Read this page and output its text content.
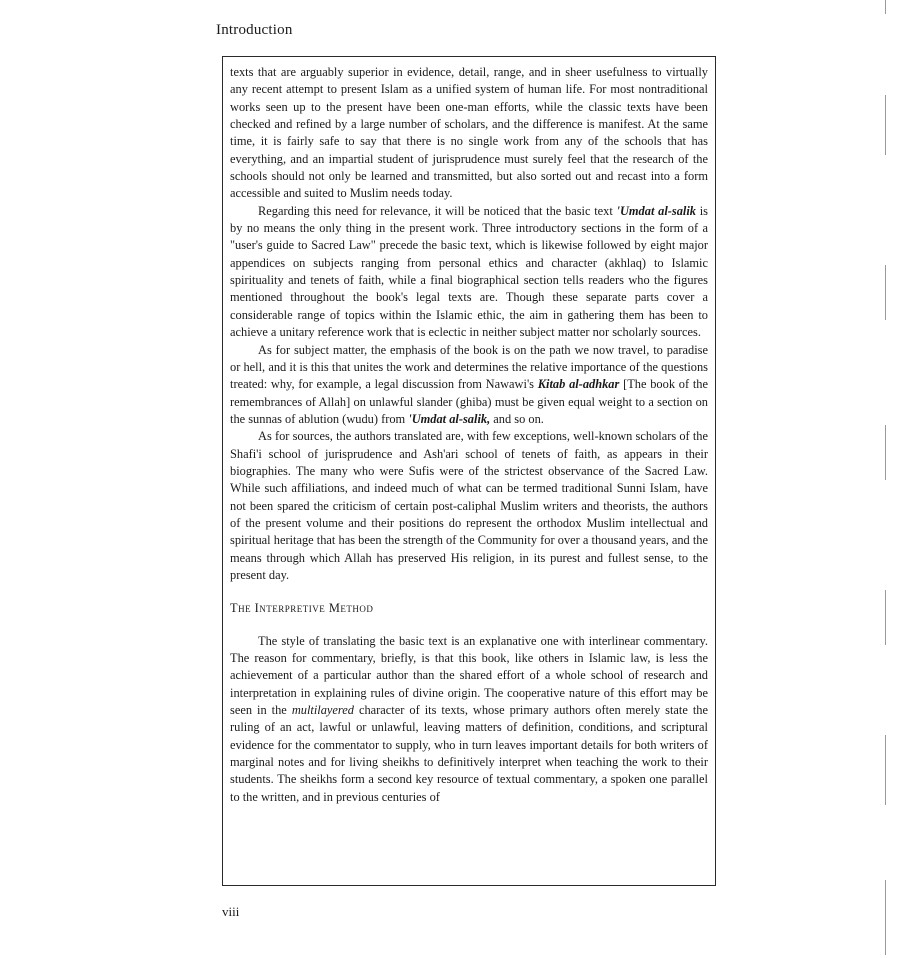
Introduction

texts that are arguably superior in evidence, detail, range, and in sheer usefulness to virtually any recent attempt to present Islam as a unified system of human life. For most nontraditional works seen up to the present have been one-man efforts, while the classic texts have been checked and refined by a large number of scholars, and the difference is manifest. At the same time, it is fairly safe to say that there is no single work from any of the schools that has everything, and an impartial student of jurisprudence must surely feel that the research of the schools should not only be learned and transmitted, but also sorted out and recast into a form accessible and suited to Muslim needs today.

Regarding this need for relevance, it will be noticed that the basic text 'Umdat al-salik is by no means the only thing in the present work. Three introductory sections in the form of a "user's guide to Sacred Law" precede the basic text, which is likewise followed by eight major appendices on subjects ranging from personal ethics and character (akhlaq) to Islamic spirituality and tenets of faith, while a final biographical section tells readers who the figures mentioned throughout the book's legal texts are. Though these separate parts cover a considerable range of topics within the Islamic ethic, the aim in gathering them has been to achieve a unitary reference work that is eclectic in neither subject matter nor scholarly sources.

As for subject matter, the emphasis of the book is on the path we now travel, to paradise or hell, and it is this that unites the work and determines the relative importance of the questions treated: why, for example, a legal discussion from Nawawi's Kitab al-adhkar [The book of the remembrances of Allah] on unlawful slander (ghiba) must be given equal weight to a section on the sunnas of ablution (wudu) from 'Umdat al-salik, and so on.

As for sources, the authors translated are, with few exceptions, well-known scholars of the Shafi'i school of jurisprudence and Ash'ari school of tenets of faith, as appears in their biographies. The many who were Sufis were of the strictest observance of the Sacred Law. While such affiliations, and indeed much of what can be termed traditional Sunni Islam, have not been spared the criticism of certain post-caliphal Muslim writers and theorists, the authors of the present volume and their positions do represent the orthodox Muslim intellectual and spiritual heritage that has been the strength of the Community for over a thousand years, and the means through which Allah has preserved His religion, in its purest and fullest sense, to the present day.

The Interpretive Method

The style of translating the basic text is an explanative one with interlinear commentary. The reason for commentary, briefly, is that this book, like others in Islamic law, is less the achievement of a particular author than the shared effort of a whole school of research and interpretation in explaining rules of divine origin. The cooperative nature of this effort may be seen in the multilayered character of its texts, whose primary authors often merely state the ruling of an act, lawful or unlawful, leaving matters of definition, conditions, and scriptural evidence for the commentator to supply, who in turn leaves important details for both writers of marginal notes and for living sheikhs to definitively interpret when teaching the work to their students. The sheikhs form a second key resource of textual commentary, a spoken one parallel to the written, and in previous centuries of

viii
